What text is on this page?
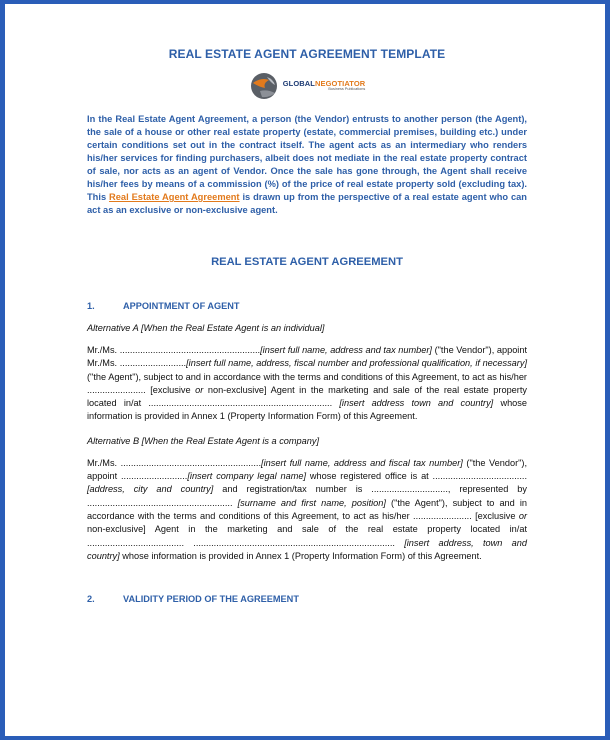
REAL ESTATE AGENT AGREEMENT TEMPLATE
GLOBALNEGOTIATOR
Business Publications
In the Real Estate Agent Agreement, a person (the Vendor) entrusts to another person (the Agent), the sale of a house or other real estate property (estate, commercial premises, building etc.) under certain conditions set out in the contract itself. The agent acts as an intermediary who renders his/her services for finding purchasers, albeit does not mediate in the real estate property contract of sale, nor acts as an agent of Vendor. Once the sale has gone through, the Agent shall receive his/her fees by means of a commission (%) of the price of real estate property sold (excluding tax). This Real Estate Agent Agreement is drawn up from the perspective of a real estate agent who can act as an exclusive or non-exclusive agent.
REAL ESTATE AGENT AGREEMENT
1.	APPOINTMENT OF AGENT
Alternative A [When the Real Estate Agent is an individual]
Mr./Ms. .......................................................[insert full name, address and tax number] ("the Vendor"), appoint Mr./Ms. ..........................[insert full name, address, fiscal number and professional qualification, if necessary] ("the Agent"), subject to and in accordance with the terms and conditions of this Agreement, to act as his/her ....................... [exclusive or non-exclusive] Agent in the marketing and sale of the real estate property located in/at ........................................................................ [insert address town and country] whose information is provided in Annex 1 (Property Information Form) of this Agreement.
Alternative B [When the Real Estate Agent is a company]
Mr./Ms. .......................................................[insert full name, address and fiscal tax number] ("the Vendor"), appoint ..........................[insert company legal name] whose registered office is at ..................................... [address, city and country] and registration/tax number is .............................., represented by ......................................................... [surname and first name, position] ("the Agent"), subject to and in accordance with the terms and conditions of this Agreement, to act as his/her ....................... [exclusive or non-exclusive] Agent in the marketing and sale of the real estate property located in/at ...................................... ............................................................................... [insert address, town and country] whose information is provided in Annex 1 (Property Information Form) of this Agreement.
2.	VALIDITY PERIOD OF THE AGREEMENT
